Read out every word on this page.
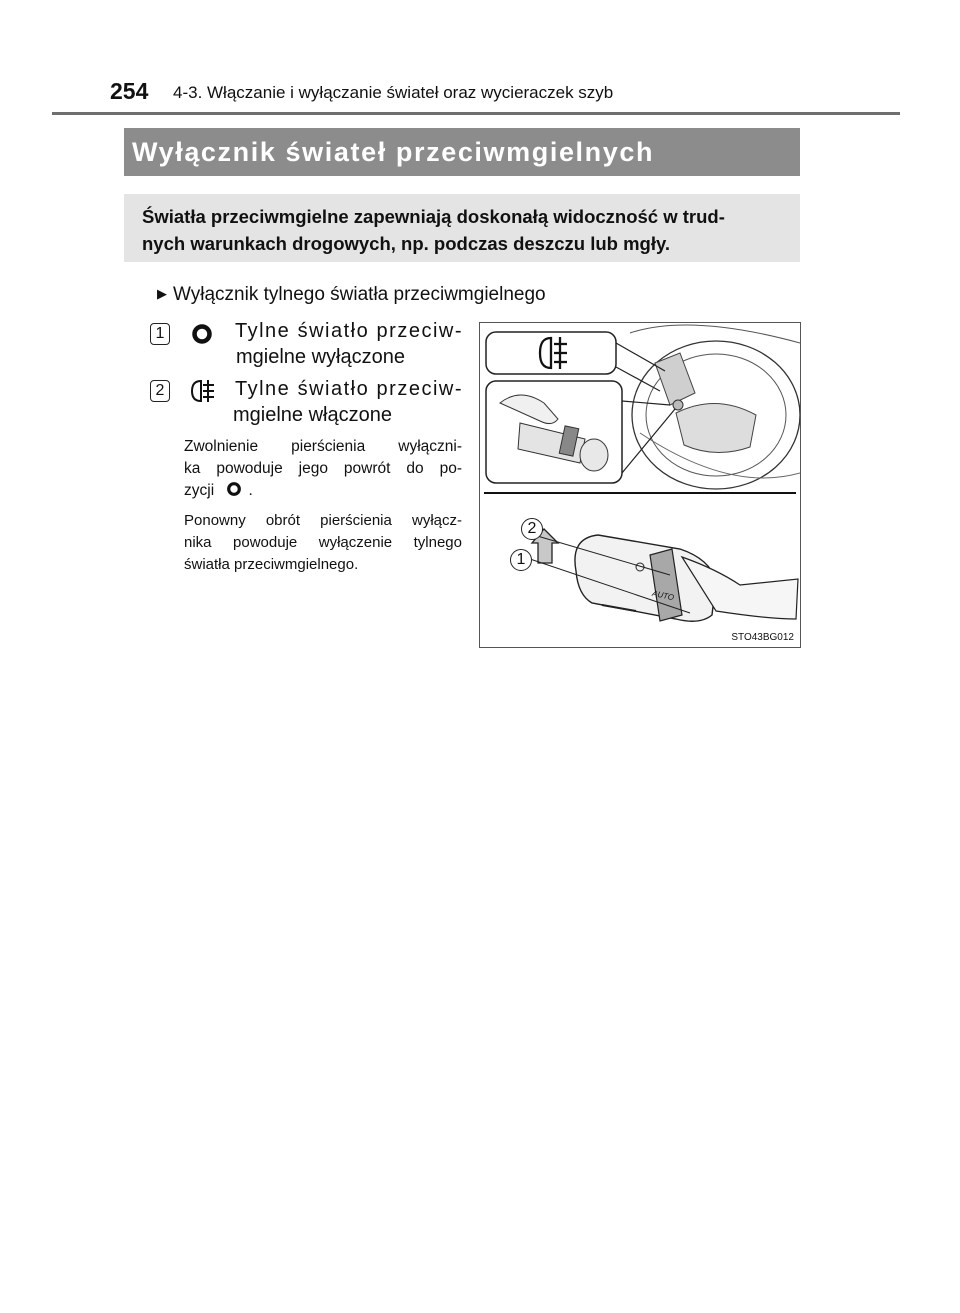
254 4-3. Włączanie i wyłączanie świateł oraz wycieraczek szyb
Wyłącznik świateł przeciwmgielnych
Światła przeciwmgielne zapewniają doskonałą widoczność w trud-
nych warunkach drogowych, np. podczas deszczu lub mgły.
▶ Wyłącznik tylnego światła przeciwmgielnego
1	Tylne światło przeciw-
mgielne wyłączone
2	Tylne światło przeciw-
mgielne włączone
Zwolnienie pierścienia wyłączni-
ka powoduje jego powrót do po-
zycji .
Ponowny obrót pierścienia wyłącz-
nika powoduje wyłączenie tylnego
światła przeciwmgielnego.
2
1
AUTO
STO43BG012
